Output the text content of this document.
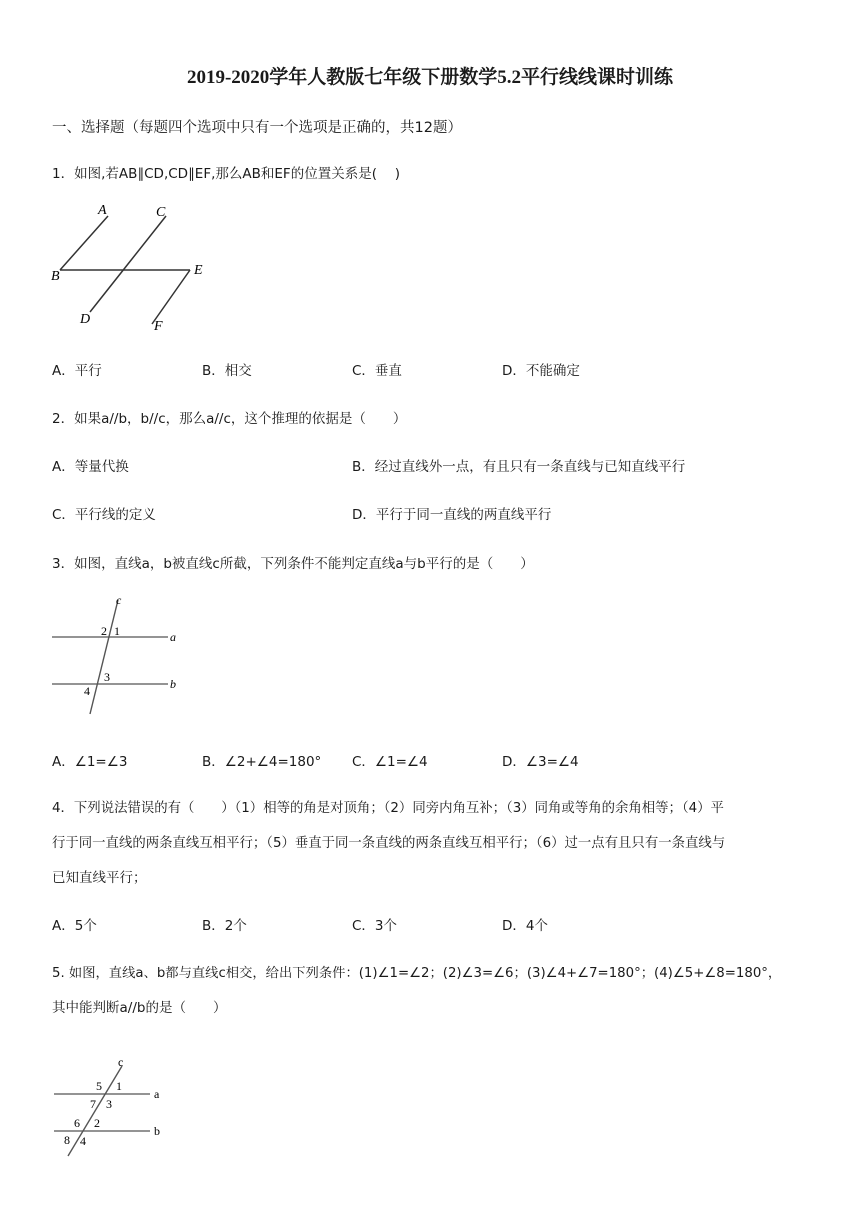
2019-2020学年人教版七年级下册数学5.2平行线线课时训练
一、选择题（每题四个选项中只有一个选项是正确的，共12题）
1．如图,若AB∥CD,CD∥EF,那么AB和EF的位置关系是(　 )
A	C
B	E
D	F
A．平行	B．相交	C．垂直	D．不能确定
2．如果a//b，b//c，那么a//c，这个推理的依据是（　　）
A．等量代换	B．经过直线外一点，有且只有一条直线与已知直线平行
C．平行线的定义	D．平行于同一直线的两直线平行
3．如图，直线a，b被直线c所截，下列条件不能判定直线a与b平行的是（　　）
c
2 1	a
3
4	b
A．∠1=∠3	B．∠2+∠4=180° C．∠1=∠4	D．∠3=∠4
4．下列说法错误的有（　　）（1）相等的角是对顶角；（2）同旁内角互补；（3）同角或等角的余角相等；（4）平
行于同一直线的两条直线互相平行；（5）垂直于同一条直线的两条直线互相平行；（6）过一点有且只有一条直线与
已知直线平行；
A．5个	B．2个	C．3个	D．4个
5. 如图，直线a、b都与直线c相交，给出下列条件：(1)∠1=∠2；(2)∠3=∠6；(3)∠4+∠7=180°；(4)∠5+∠8=180°，
其中能判断a//b的是（　　）
c
5 1
a
7 3
6 2
b
8 4
